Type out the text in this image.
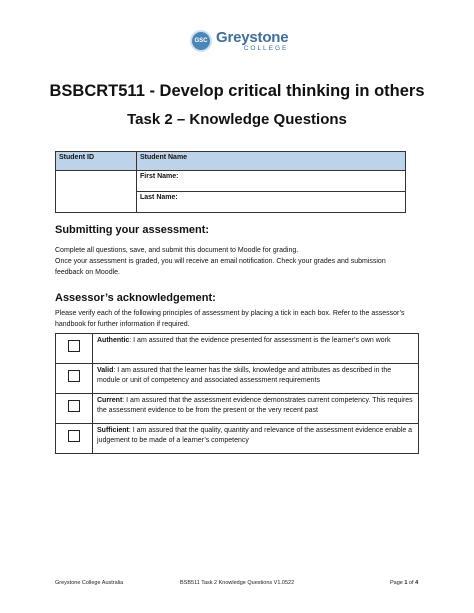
GSC Greystone
COLLEGE
BSBCRT511 - Develop critical thinking in others
Task 2 – Knowledge Questions
Student ID	Student Name
	First Name:
	Last Name:
Submitting your assessment:
Complete all questions, save, and submit this document to Moodle for grading.
Once your assessment is graded, you will receive an email notification. Check your grades and submission feedback on Moodle.
Assessor’s acknowledgement:
Please verify each of the following principles of assessment by placing a tick in each box. Refer to the assessor’s handbook for further information if required.
	Authentic: I am assured that the evidence presented for assessment is the learner’s own work
	Valid: I am assured that the learner has the skills, knowledge and attributes as described in the module or unit of competency and associated assessment requirements
	Current: I am assured that the assessment evidence demonstrates current competency. This requires the assessment evidence to be from the present or the very recent past
	Sufficient: I am assured that the quality, quantity and relevance of the assessment evidence enable a judgement to be made of a learner’s competency
Greystone College Australia	BSB511 Task 2 Knowledge Questions V1.0522	Page 1 of 4
